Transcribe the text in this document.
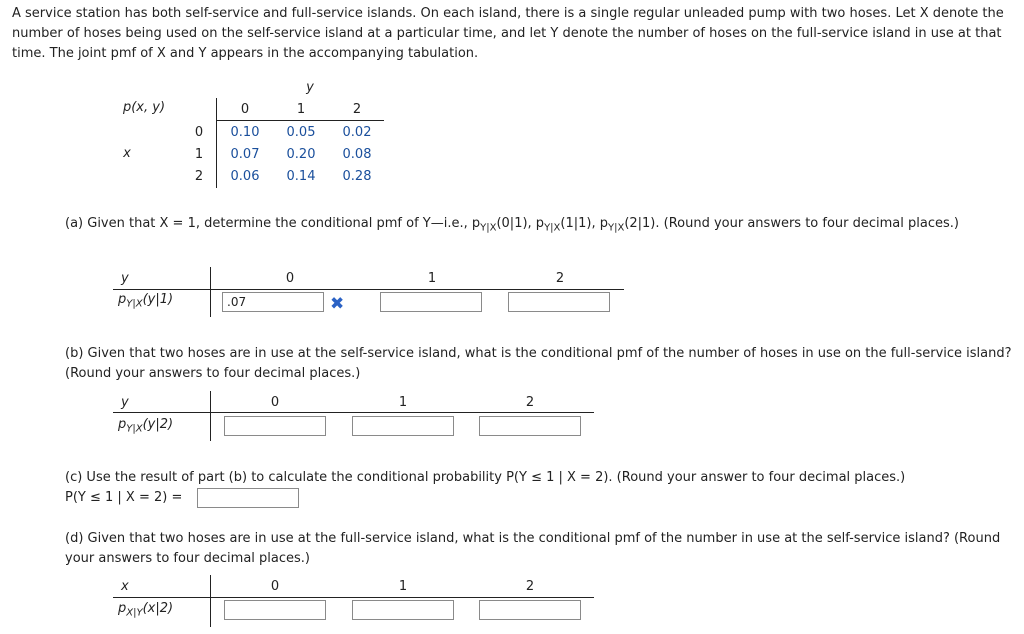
A service station has both self-service and full-service islands. On each island, there is a single regular unleaded pump with two hoses. Let X denote the number of hoses being used on the self-service island at a particular time, and let Y denote the number of hoses on the full-service island in use at that time. The joint pmf of X and Y appears in the accompanying tabulation.
y
p(x, y)	0	1	2
x
0	0.10	0.05	0.02
1	0.07	0.20	0.08
2	0.06	0.14	0.28
(a) Given that X = 1, determine the conditional pmf of Y—i.e., $p_{Y|X}(0|1)$, $p_{Y|X}(1|1)$, $p_{Y|X}(2|1)$. (Round your answers to four decimal places.)
y
$p_{Y|X}(y|1)$
0	1	2
.07
✖
(b) Given that two hoses are in use at the self-service island, what is the conditional pmf of the number of hoses in use on the full-service island? (Round your answers to four decimal places.)
y
$p_{Y|X}(y|2)$
0	1	2
(c) Use the result of part (b) to calculate the conditional probability P(Y ≤ 1 | X = 2). (Round your answer to four decimal places.)
P(Y ≤ 1 | X = 2) =
(d) Given that two hoses are in use at the full-service island, what is the conditional pmf of the number in use at the self-service island? (Round your answers to four decimal places.)
x
$p_{X|Y}(x|2)$
0	1	2
